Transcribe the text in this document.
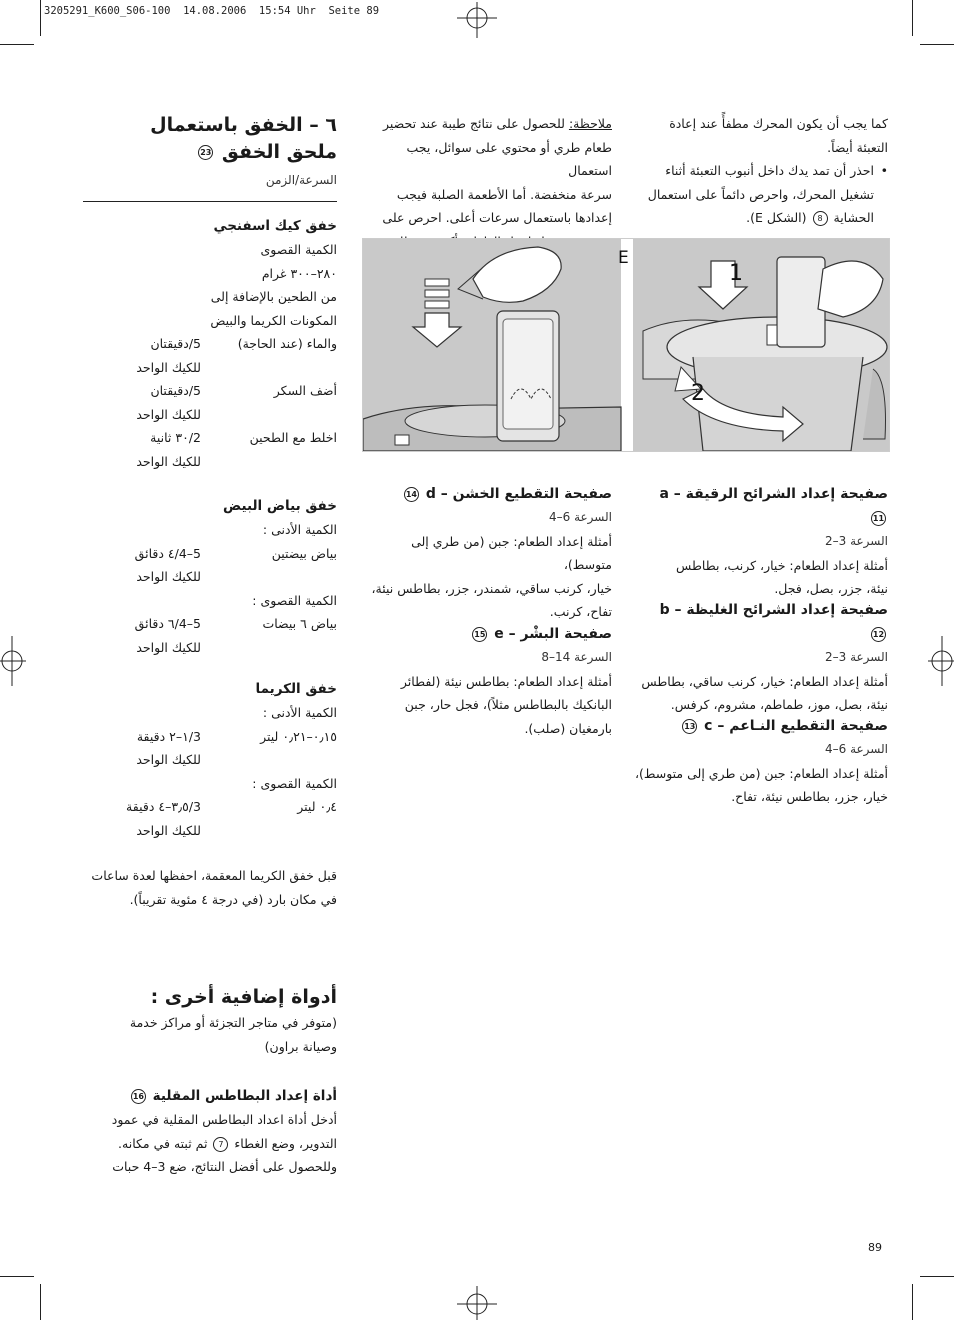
3205291_K600_S06-100  14.08.2006  15:54 Uhr  Seite 89
٦ – الخفق باستعمال
ملحق الخفق 23
السرعة/الزمن
خفق كيك اسفنجي

الكمية القصوى

٢٨٠–٣٠٠ غرام

من الطحين بالإضافة إلى

المكونات الكريما والبيض

والماء (عند الحاجة)
5/دقيقتان
للكيك الواحد
أضف السكر
5/دقيقتان
للكيك الواحد
اخلط مع الطحين
2/٣٠ ثانية
للكيك الواحد
خفق بياض البيض

الكمية الأدنى :

بياض بيضتين
5–4/٤ دقائق
للكيك الواحد

الكمية القصوى :

بياض ٦ بيضات
5–4/٦ دقائق
للكيك الواحد
خفق الكريما

الكمية الأدنى :

٠٫١٥–٠٫٢١ ليتر
3/١–٢ دقيقة
للكيك الواحد

الكمية القصوى :

٠٫٤ ليتر
3/٣٫٥–٤ دقيقة
للكيك الواحد

قبل خفق الكريما المعقمة، احفظها لعدة ساعات

في مكان بارد (في درجة ٤ مئوية تقريباً).

أدواة إضافية أخرى :

(متوفر في متاجر التجزئة أو مراكز خدمة

وصيانة براون)

أداة إعداد البطاطس المقلية 16

أدخل أداة اعداد البطاطس المقلية في عمود

التدوير، وضع الغطاء 7 ثم ثبته في مكانه.

وللحصول على أفضل النتائج، ضع 3–4 حبات

ملاحظة: للحصول على نتائج طيبة عند تحضير

طعام طري أو محتوي على سوائل، يجب استعمال

سرعة منخفضة. أما الأطعمة الصلبة فيجب

إعدادها باستعمال سرعات أعلى. احرص على

صفيحة التقطيع الخشن – d 14

السرعة 6–4

أمثلة إعداد الطعام: جبن (من طري إلى متوسط)،

خيار، كرنب ساقي، شمندر، جزر، بطاطس نيئة،

تفاح، كرنب.

صفيحة البشْر – e 15

السرعة 14–8

أمثلة إعداد الطعام: بطاطس نيئة (لفطائر

البانكيك بالبطاطس مثلاً)، فجل حار، جبن

بارمغيان (صلب).

كما يجب أن يكون المحرك مطفأً عند إعادة

التعبئة أيضاً.

• احذر أن تمد يدك داخل أنبوب التعبئة أثناء

تشغيل المحرك، واحرص دائماً على استعمال

الحشاية 8 (الشكل E).

1
2
E
صفيحة إعداد الشرائح الرقيقة – a 11

السرعة 3–2

أمثلة إعداد الطعام: خيار، كرنب، بطاطس

نيئة، جزر، بصل، فجل.

صفيحة إعداد الشرائح الغليظة – b 12

السرعة 3–2

أمثلة إعداد الطعام: خيار، كرنب ساقي، بطاطس

نيئة، بصل، موز، طماطم، مشروم، كرفس.

صفيحة التقطيع النـاعم – c 13

السرعة 6–4

أمثلة إعداد الطعام: جبن (من طري إلى متوسط)،

خيار، جزر، بطاطس نيئة، تفاح.

89
